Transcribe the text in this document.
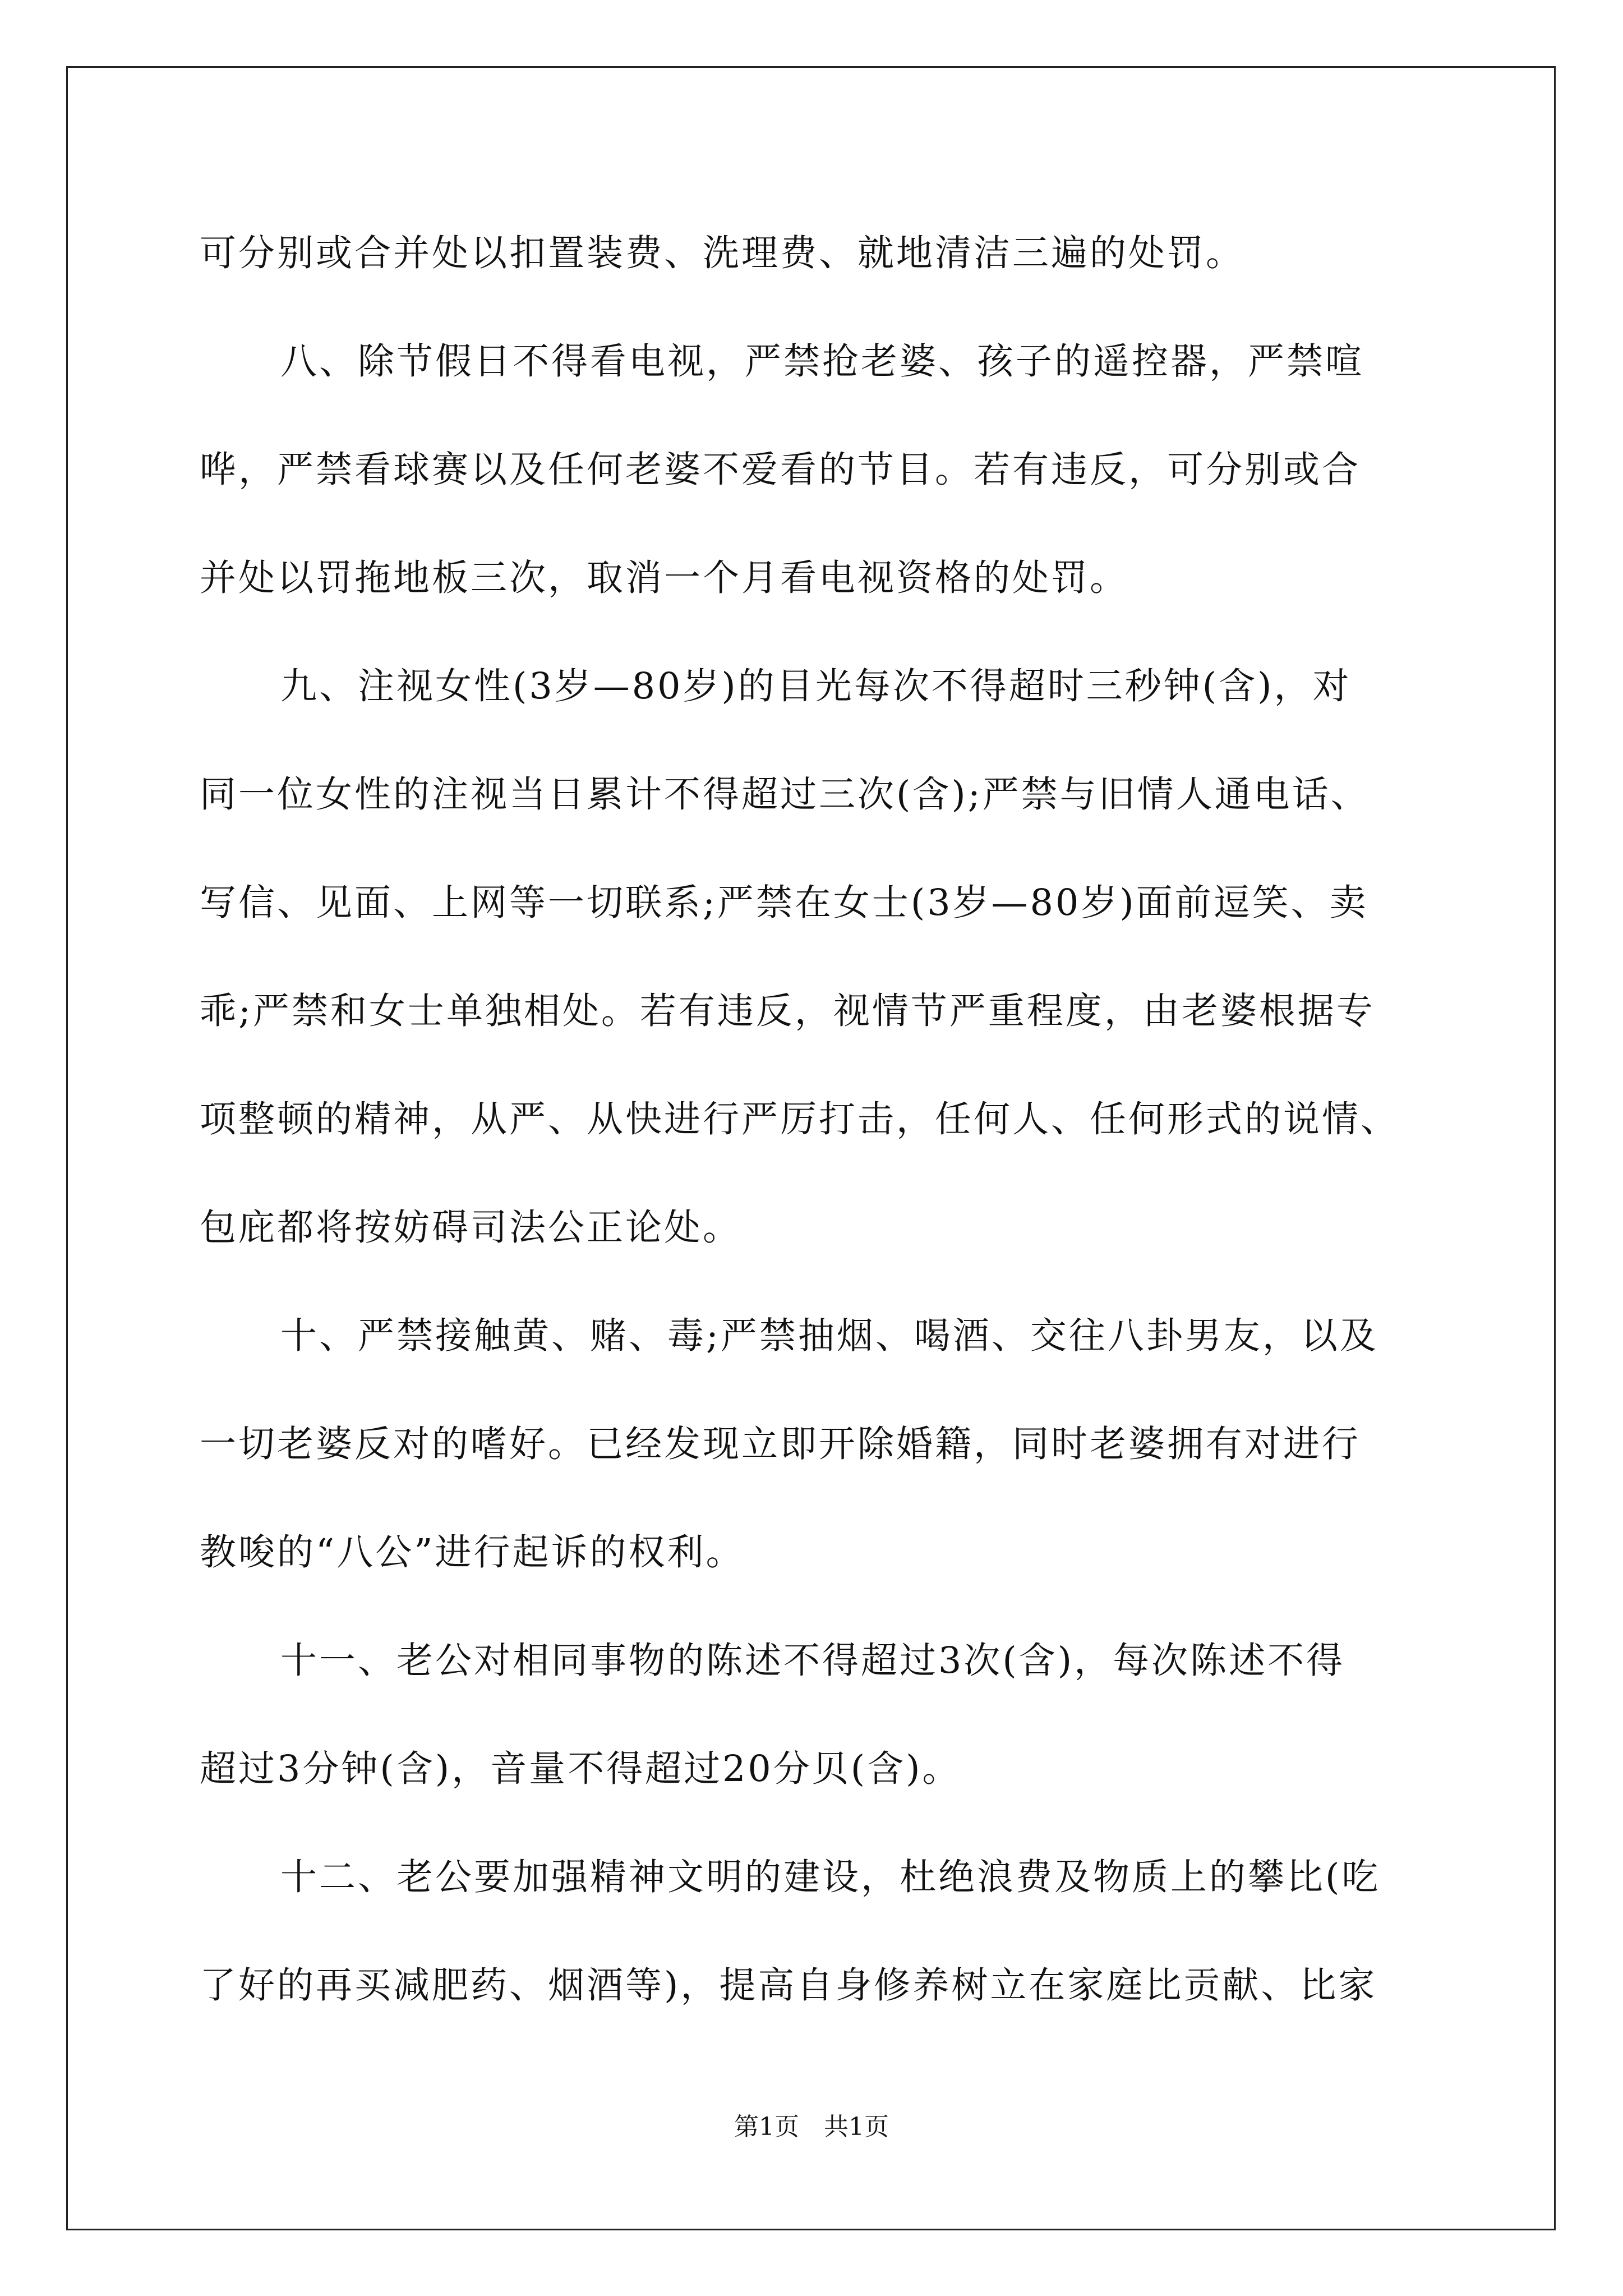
可分别或合并处以扣置装费、洗理费、就地清洁三遍的处罚。
八、除节假日不得看电视，严禁抢老婆、孩子的遥控器，严禁喧
哗，严禁看球赛以及任何老婆不爱看的节目。若有违反，可分别或合
并处以罚拖地板三次，取消一个月看电视资格的处罚。
九、注视女性(3岁—80岁)的目光每次不得超时三秒钟(含)，对
同一位女性的注视当日累计不得超过三次(含);严禁与旧情人通电话、
写信、见面、上网等一切联系;严禁在女士(3岁—80岁)面前逗笑、卖
乖;严禁和女士单独相处。若有违反，视情节严重程度，由老婆根据专
项整顿的精神，从严、从快进行严厉打击，任何人、任何形式的说情、
包庇都将按妨碍司法公正论处。
十、严禁接触黄、赌、毒;严禁抽烟、喝酒、交往八卦男友，以及
一切老婆反对的嗜好。已经发现立即开除婚籍，同时老婆拥有对进行
教唆的“八公”进行起诉的权利。
十一、老公对相同事物的陈述不得超过3次(含)，每次陈述不得
超过3分钟(含)，音量不得超过20分贝(含)。
十二、老公要加强精神文明的建设，杜绝浪费及物质上的攀比(吃
了好的再买减肥药、烟酒等)，提高自身修养树立在家庭比贡献、比家
第1页 共1页
